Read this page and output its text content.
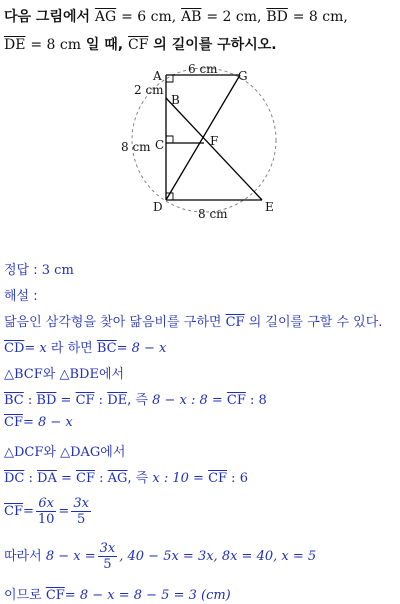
다음 그림에서 $\overline{AG} = 6$ cm, $\overline{AB} = 2$ cm, $\overline{BD} = 8$ cm,
$\overline{DE} = 8$ cm 일 때, $\overline{CF}$ 의 길이를 구하시오.
A
B
C
D	E
F
G
6 cm
2 cm
8 cm
8 cm
정답 : 3 cm
해설 :
닮음인 삼각형을 찾아 닮음비를 구하면 $\overline{CF}$ 의 길이를 구할 수 있다.
$\overline{CD}= x$ 라 하면 $\overline{BC}= 8 - x$
△BCF와 △BDE에서
$\overline{BC}$ : $\overline{BD} = \overline{CF}$ : $\overline{DE}$, 즉 8 − x : $8 = \overline{CF}$ : 8
$\overline{CF}= 8 - x$
△DCF와 △DAG에서
$\overline{DC}$ : $\overline{DA} = \overline{CF}$ : $\overline{AG}$, 즉 x : $10 = \overline{CF}$ : 6
$\overline{CF}= \frac{6x}{10} = \frac{3x}{5}$
따라서 $8 - x = \frac{3x}{5}$ , 40 − 5x = 3x, 8x = 40, x = 5
이므로 $\overline{CF}= 8 - x = 8 - 5 = 3$ (cm)
